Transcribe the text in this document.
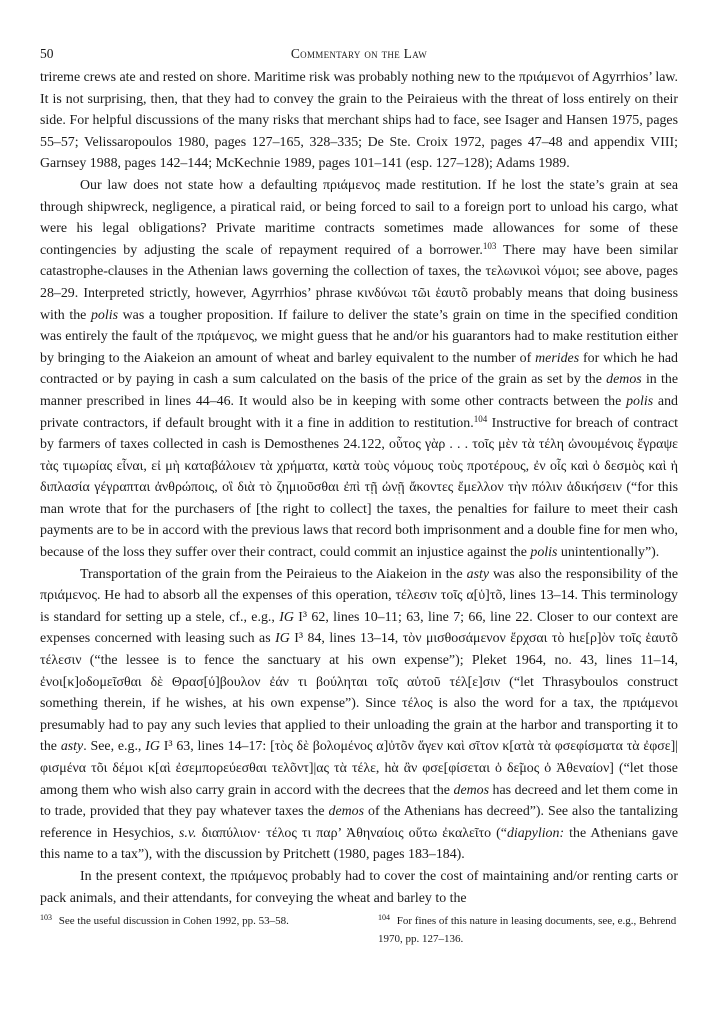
50	Commentary on the Law

trireme crews ate and rested on shore. Maritime risk was probably nothing new to the πριάμενοι of Agyrrhios’ law. It is not surprising, then, that they had to convey the grain to the Peiraieus with the threat of loss entirely on their side. For helpful discussions of the many risks that merchant ships had to face, see Isager and Hansen 1975, pages 55–57; Velissaropoulos 1980, pages 127–165, 328–335; De Ste. Croix 1972, pages 47–48 and appendix VIII; Garnsey 1988, pages 142–144; McKechnie 1989, pages 101–141 (esp. 127–128); Adams 1989.

Our law does not state how a defaulting πριάμενος made restitution. If he lost the state’s grain at sea through shipwreck, negligence, a piratical raid, or being forced to sail to a foreign port to unload his cargo, what were his legal obligations? Private maritime contracts sometimes made allowances for some of these contingencies by adjusting the scale of repayment required of a borrower.$^{103}$ There may have been similar catastrophe-clauses in the Athenian laws governing the collection of taxes, the τελωνικοὶ νόμοι; see above, pages 28–29. Interpreted strictly, however, Agyrrhios’ phrase κινδύνωι τῶι ἑαυτõ probably means that doing business with the polis was a tougher proposition. If failure to deliver the state’s grain on time in the specified condition was entirely the fault of the πριάμενος, we might guess that he and/or his guarantors had to make restitution either by bringing to the Aiakeion an amount of wheat and barley equivalent to the number of merides for which he had contracted or by paying in cash a sum calculated on the basis of the price of the grain as set by the demos in the manner prescribed in lines 44–46. It would also be in keeping with some other contracts between the polis and private contractors, if default brought with it a fine in addition to restitution.$^{104}$ Instructive for breach of contract by farmers of taxes collected in cash is Demosthenes 24.122, οὗτος γὰρ . . . τοῖς μὲν τὰ τέλη ὠνουμένοις ἔγραψε τὰς τιμωρίας εἶναι, εἰ μὴ καταβάλοιεν τὰ χρήματα, κατὰ τοὺς νόμους τοὺς προτέρους, ἐν οἷς καὶ ὁ δεσμὸς καὶ ἡ διπλασία γέγραπται ἀνθρώποις, οἳ διὰ τὸ ζημιοῦσθαι ἐπὶ τῇ ὠνῇ ἄκοντες ἔμελλον τὴν πόλιν ἀδικήσειν (“for this man wrote that for the purchasers of [the right to collect] the taxes, the penalties for failure to meet their cash payments are to be in accord with the previous laws that record both imprisonment and a double fine for men who, because of the loss they suffer over their contract, could commit an injustice against the polis unintentionally”).

Transportation of the grain from the Peiraieus to the Aiakeion in the asty was also the responsibility of the πριάμενος. He had to absorb all the expenses of this operation, τέλεσιν τοῖς α[ὑ]τõ, lines 13–14. This terminology is standard for setting up a stele, cf., e.g., IG I³ 62, lines 10–11; 63, line 7; 66, line 22. Closer to our context are expenses concerned with leasing such as IG I³ 84, lines 13–14, τὸν μισθοσάμενον ἔρχσαι τὸ hιε[ρ]ὸν τοῖς ἑαυτõ τέλεσιν (“the lessee is to fence the sanctuary at his own expense”); Pleket 1964, no. 43, lines 11–14, ἐνοι[κ]οδομεῖσθαι δὲ Θρασ[ύ]βουλον ἐάν τι βούληται τοῖς αὑτοῦ τέλ[ε]σιν (“let Thrasyboulos construct something therein, if he wishes, at his own expense”). Since τέλος is also the word for a tax, the πριάμενοι presumably had to pay any such levies that applied to their unloading the grain at the harbor and transporting it to the asty. See, e.g., IG I³ 63, lines 14–17: [τὸς δὲ βολομένος α]ὐτõν ἄγεν καὶ σῖτον κ[ατὰ τὰ φσεφίσματα τὰ ἐφσε]|φισμένα τõι δέμοι κ[αὶ ἐσεμπορεύεσθαι τελõντ]|ας τὰ τέλε, hὰ ἂν φσε[φίσεται ὁ δε̃μος ὁ Ἀθεναίον] (“let those among them who wish also carry grain in accord with the decrees that the demos has decreed and let them come in to trade, provided that they pay whatever taxes the demos of the Athenians has decreed”). See also the tantalizing reference in Hesychios, s.v. διαπύλιον· τέλος τι παρ’ Ἀθηναίοις οὕτω ἐκαλεῖτο (“diapylion: the Athenians gave this name to a tax”), with the discussion by Pritchett (1980, pages 183–184).

In the present context, the πριάμενος probably had to cover the cost of maintaining and/or renting carts or pack animals, and their attendants, for conveying the wheat and barley to the

$^{103}$ See the useful discussion in Cohen 1992, pp. 53–58.	$^{104}$ For fines of this nature in leasing documents, see, e.g., Behrend 1970, pp. 127–136.
